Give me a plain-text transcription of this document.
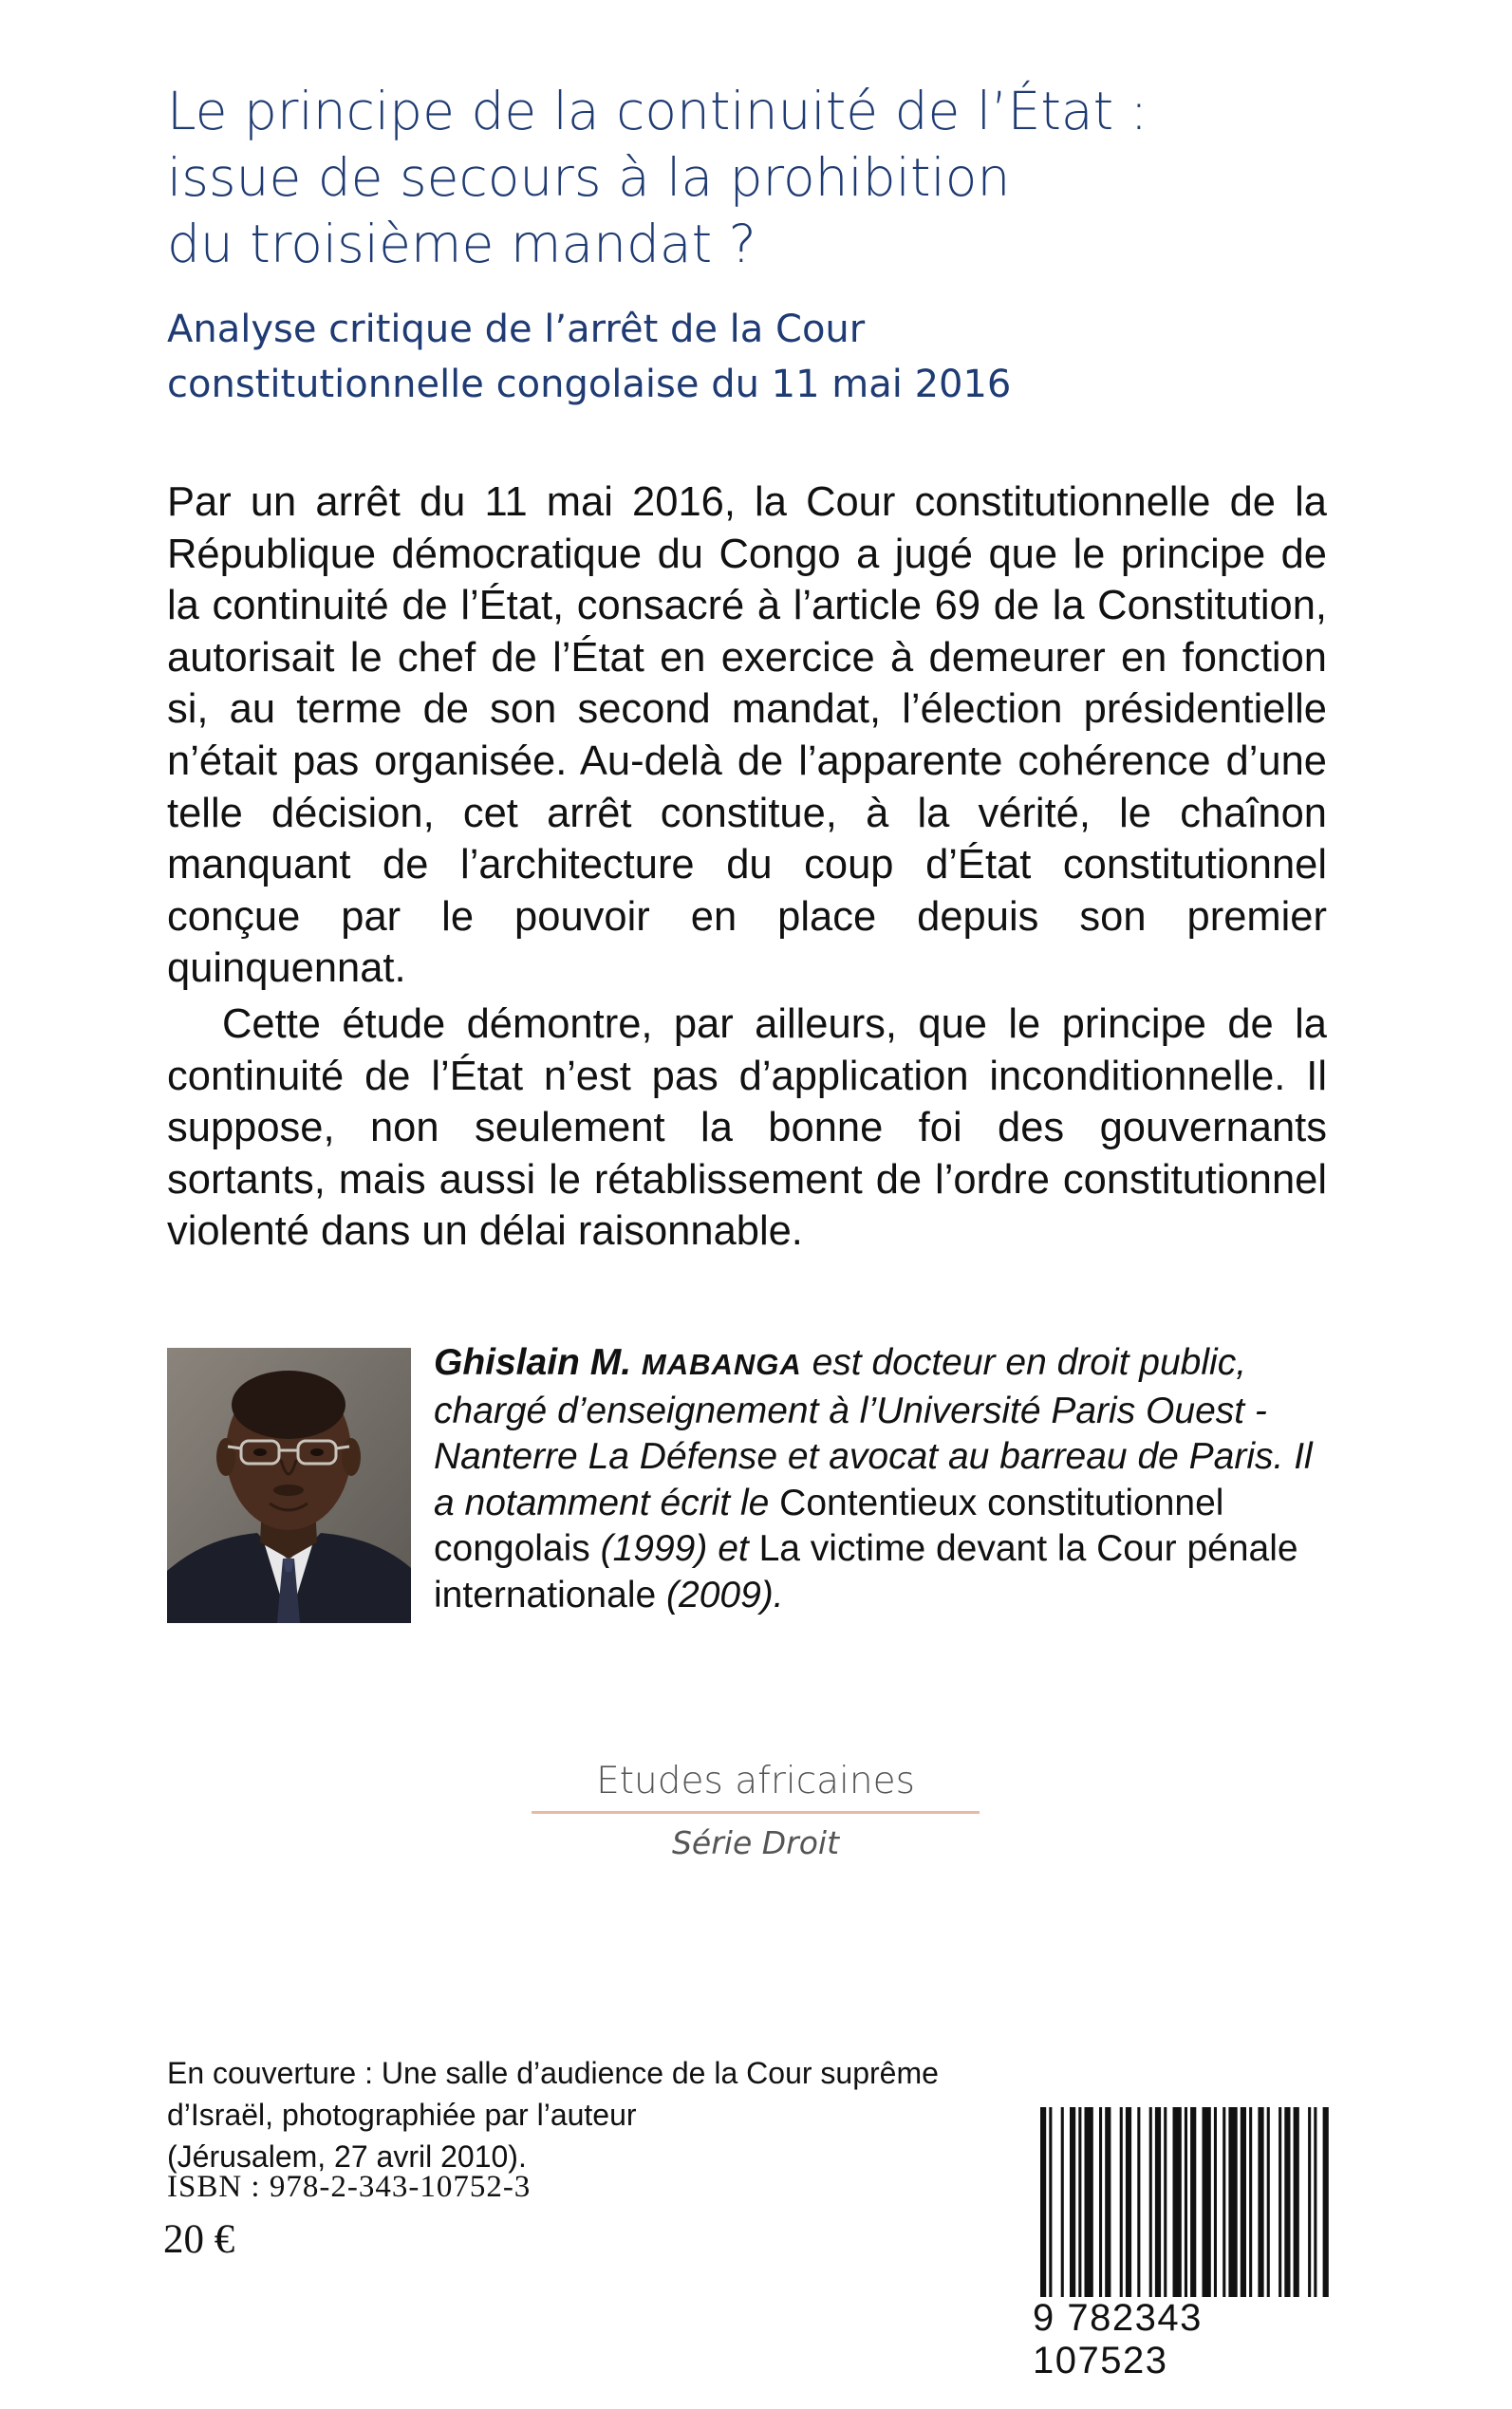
Le principe de la continuité de l’État :
issue de secours à la prohibition
du troisième mandat ?
Analyse critique de l’arrêt de la Cour
constitutionnelle congolaise du 11 mai 2016

Par un arrêt du 11 mai 2016, la Cour constitutionnelle de la République démocratique du Congo a jugé que le principe de la continuité de l’État, consacré à l’article 69 de la Constitution, autorisait le chef de l’État en exercice à demeurer en fonction si, au terme de son second mandat, l’élection présidentielle n’était pas organisée. Au-delà de l’apparente cohérence d’une telle décision, cet arrêt constitue, à la vérité, le chaînon manquant de l’architecture du coup d’État constitutionnel conçue par le pouvoir en place depuis son premier quinquennat.

Cette étude démontre, par ailleurs, que le principe de la continuité de l’État n’est pas d’application inconditionnelle. Il suppose, non seulement la bonne foi des gouvernants sortants, mais aussi le rétablissement de l’ordre constitutionnel violenté dans un délai raisonnable.

Ghislain M. MABANGA est docteur en droit public, chargé d’enseignement à l’Université Paris Ouest - Nanterre La Défense et avocat au barreau de Paris. Il a notamment écrit le Contentieux constitutionnel congolais (1999) et La victime devant la Cour pénale internationale (2009).
Etudes africaines
Série Droit
En couverture : Une salle d’audience de la Cour suprême
d’Israël, photographiée par l’auteur
(Jérusalem, 27 avril 2010).
ISBN : 978-2-343-10752-3
20 €
9 782343 107523
